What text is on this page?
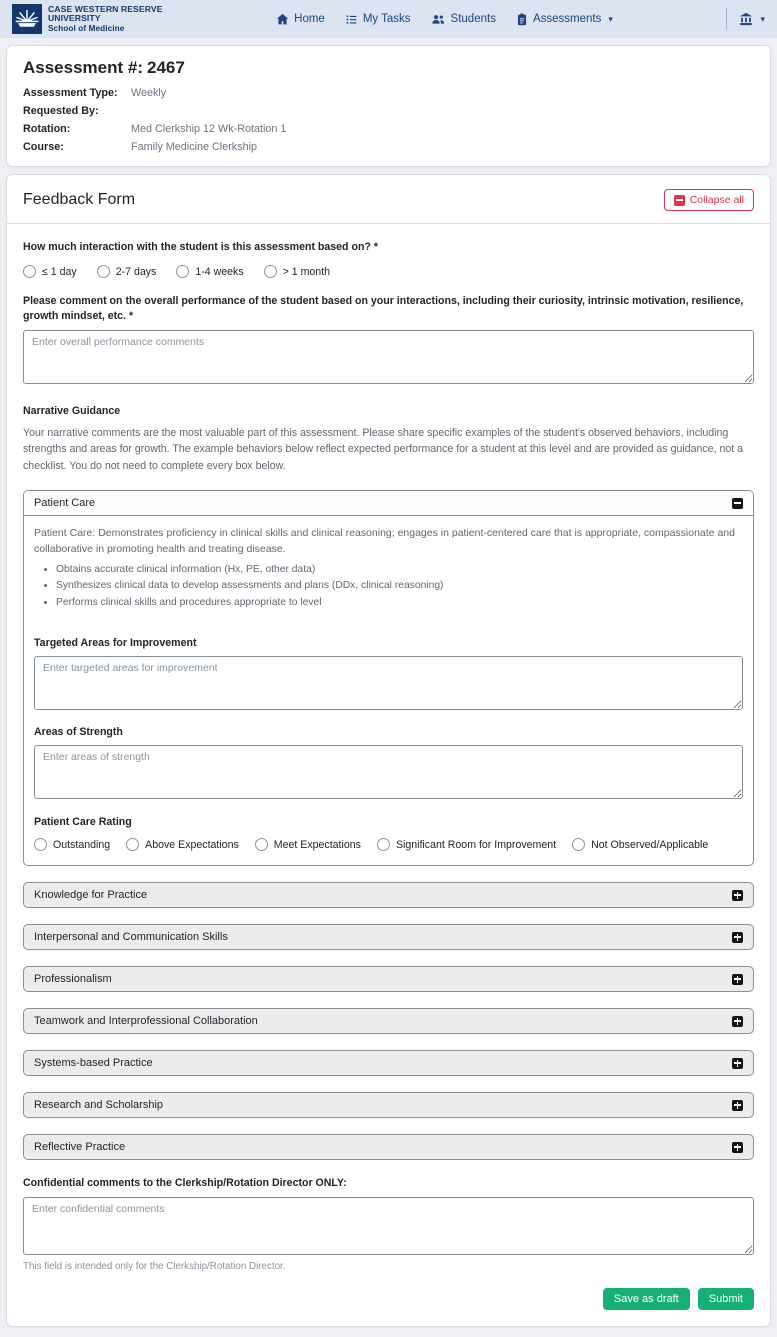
CASE WESTERN RESERVE
UNIVERSITY
School of Medicine
Home	My Tasks	Students	Assessments ▾	▾
Assessment #: 2467
Assessment Type:	Weekly
Requested By:
Rotation:	Med Clerkship 12 Wk-Rotation 1
Course:	Family Medicine Clerkship
Feedback Form	Collapse all
How much interaction with the student is this assessment based on? *
≤ 1 day	2-7 days	1-4 weeks	> 1 month
Please comment on the overall performance of the student based on your interactions, including their curiosity, intrinsic motivation, resilience, growth mindset, etc. *
Enter overall performance comments
Narrative Guidance
Your narrative comments are the most valuable part of this assessment. Please share specific examples of the student's observed behaviors, including strengths and areas for growth. The example behaviors below reflect expected performance for a student at this level and are provided as guidance, not a checklist. You do not need to complete every box below.
Patient Care
Patient Care: Demonstrates proficiency in clinical skills and clinical reasoning; engages in patient-centered care that is appropriate, compassionate and collaborative in promoting health and treating disease.
• Obtains accurate clinical information (Hx, PE, other data)
• Synthesizes clinical data to develop assessments and plans (DDx, clinical reasoning)
• Performs clinical skills and procedures appropriate to level
Targeted Areas for Improvement
Enter targeted areas for improvement
Areas of Strength
Enter areas of strength
Patient Care Rating
Outstanding	Above Expectations	Meet Expectations	Significant Room for Improvement	Not Observed/Applicable
Knowledge for Practice
Interpersonal and Communication Skills
Professionalism
Teamwork and Interprofessional Collaboration
Systems-based Practice
Research and Scholarship
Reflective Practice
Confidential comments to the Clerkship/Rotation Director ONLY:
Enter confidential comments
This field is intended only for the Clerkship/Rotation Director.
Save as draft	Submit
